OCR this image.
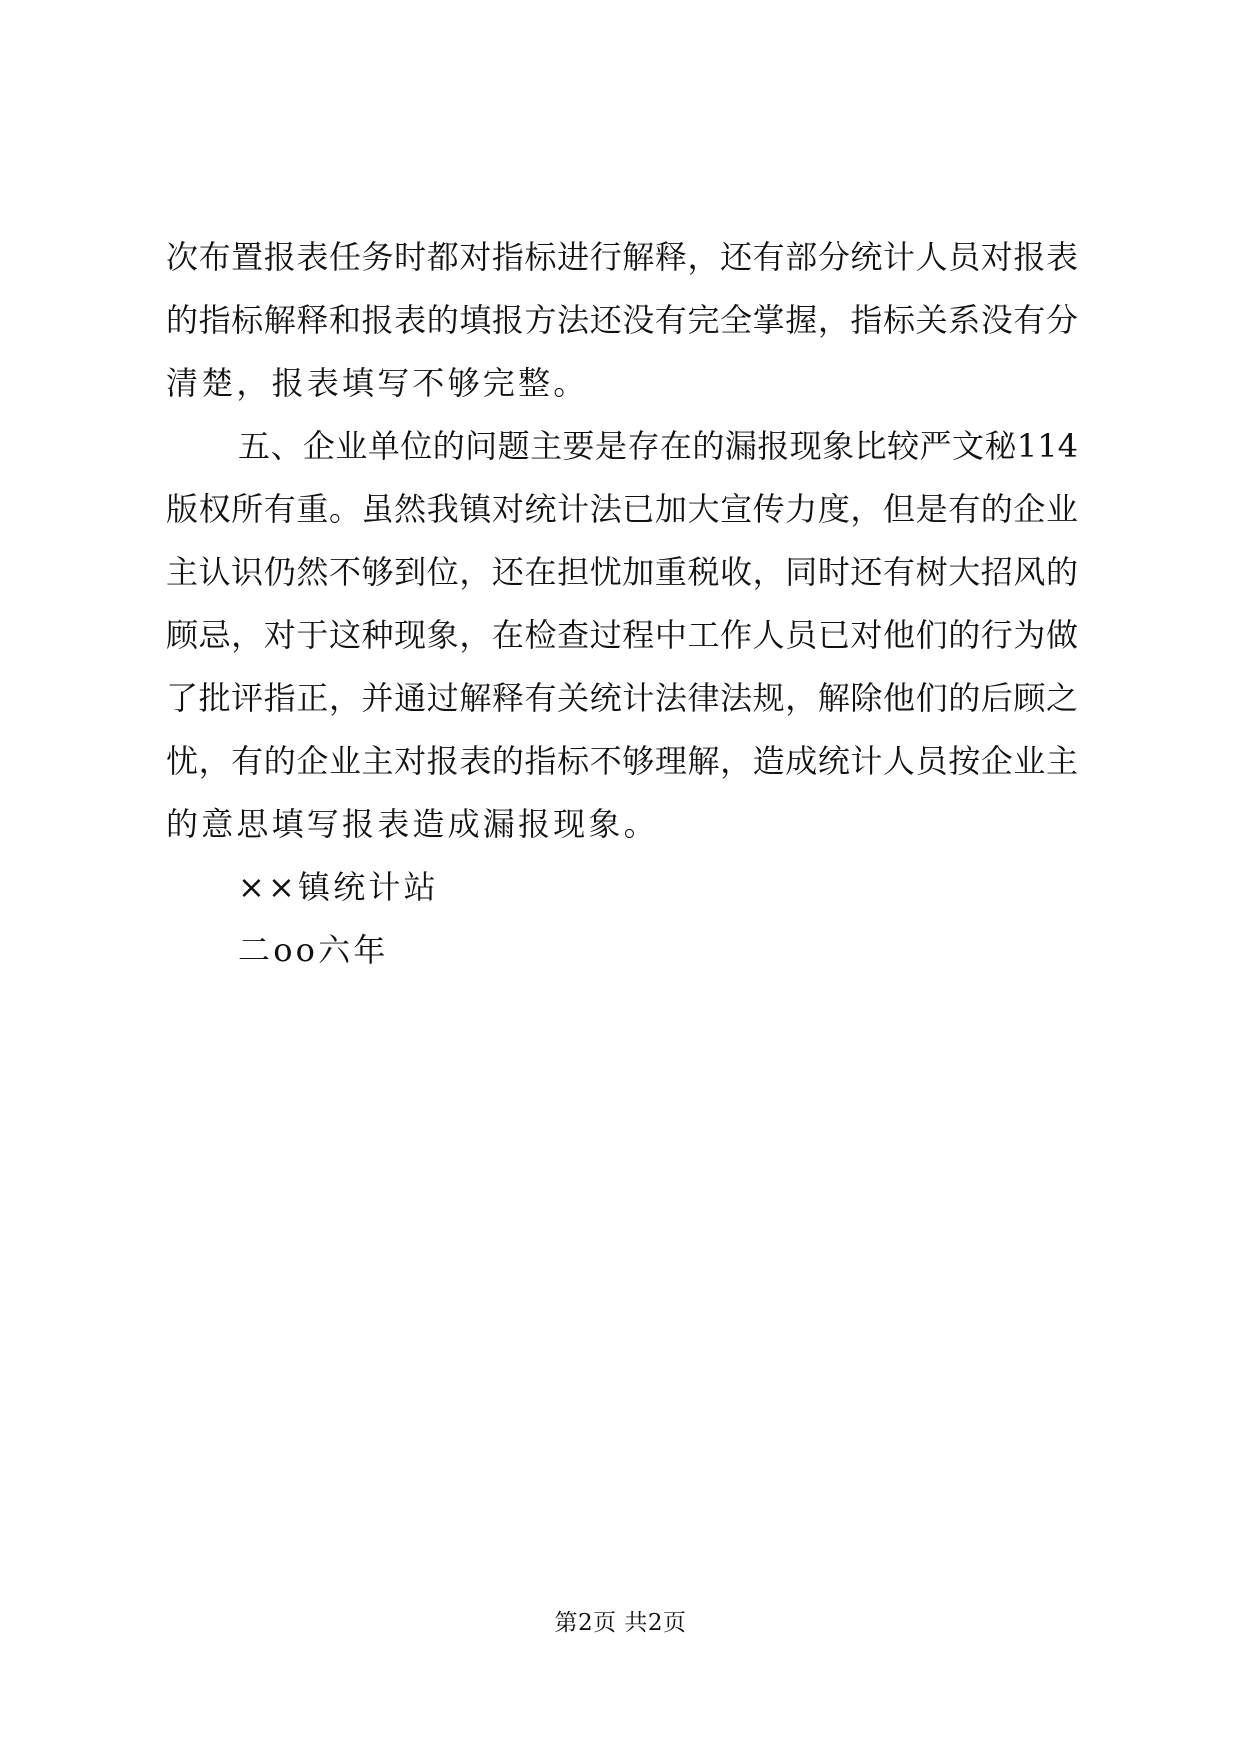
次布置报表任务时都对指标进行解释，还有部分统计人员对报表
的指标解释和报表的填报方法还没有完全掌握，指标关系没有分
清楚，报表填写不够完整。
五、企业单位的问题主要是存在的漏报现象比较严文秘114
版权所有重。虽然我镇对统计法已加大宣传力度，但是有的企业
主认识仍然不够到位，还在担忧加重税收，同时还有树大招风的
顾忌，对于这种现象，在检查过程中工作人员已对他们的行为做
了批评指正，并通过解释有关统计法律法规，解除他们的后顾之
忧，有的企业主对报表的指标不够理解，造成统计人员按企业主
的意思填写报表造成漏报现象。
××镇统计站
二oo六年
第2页 共2页
